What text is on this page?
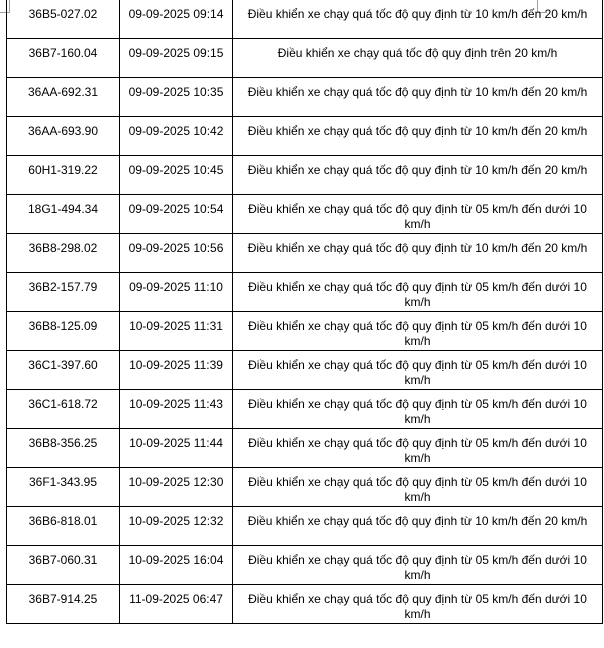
36B5-027.02	09-09-2025 09:14	Điều khiển xe chạy quá tốc độ quy định từ 10 km/h đến 20 km/h

36B7-160.04	09-09-2025 09:15	Điều khiển xe chạy quá tốc độ quy định trên 20 km/h

36AA-692.31	09-09-2025 10:35	Điều khiển xe chạy quá tốc độ quy định từ 10 km/h đến 20 km/h

36AA-693.90	09-09-2025 10:42	Điều khiển xe chạy quá tốc độ quy định từ 10 km/h đến 20 km/h

60H1-319.22	09-09-2025 10:45	Điều khiển xe chạy quá tốc độ quy định từ 10 km/h đến 20 km/h

18G1-494.34	09-09-2025 10:54	Điều khiển xe chạy quá tốc độ quy định từ 05 km/h đến dưới 10 km/h

36B8-298.02	09-09-2025 10:56	Điều khiển xe chạy quá tốc độ quy định từ 10 km/h đến 20 km/h

36B2-157.79	09-09-2025 11:10	Điều khiển xe chạy quá tốc độ quy định từ 05 km/h đến dưới 10 km/h

36B8-125.09	10-09-2025 11:31	Điều khiển xe chạy quá tốc độ quy định từ 05 km/h đến dưới 10 km/h

36C1-397.60	10-09-2025 11:39	Điều khiển xe chạy quá tốc độ quy định từ 05 km/h đến dưới 10 km/h

36C1-618.72	10-09-2025 11:43	Điều khiển xe chạy quá tốc độ quy định từ 05 km/h đến dưới 10 km/h

36B8-356.25	10-09-2025 11:44	Điều khiển xe chạy quá tốc độ quy định từ 05 km/h đến dưới 10 km/h

36F1-343.95	10-09-2025 12:30	Điều khiển xe chạy quá tốc độ quy định từ 05 km/h đến dưới 10 km/h

36B6-818.01	10-09-2025 12:32	Điều khiển xe chạy quá tốc độ quy định từ 10 km/h đến 20 km/h

36B7-060.31	10-09-2025 16:04	Điều khiển xe chạy quá tốc độ quy định từ 05 km/h đến dưới 10 km/h

36B7-914.25	11-09-2025 06:47	Điều khiển xe chạy quá tốc độ quy định từ 05 km/h đến dưới 10 km/h
